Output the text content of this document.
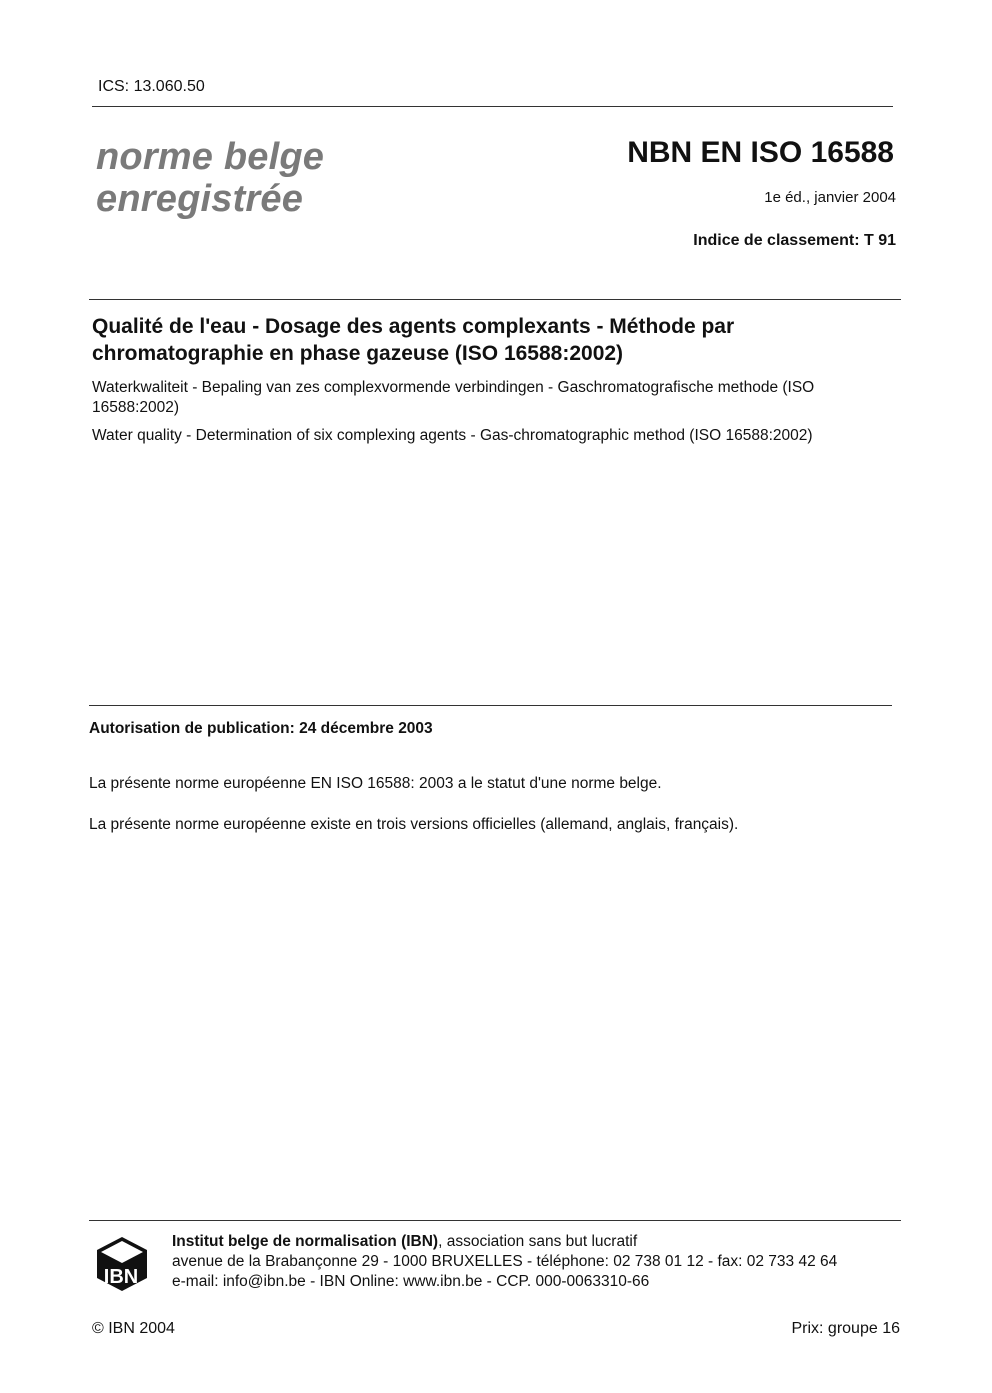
ICS: 13.060.50
norme belge
enregistrée
NBN EN ISO 16588
1e éd., janvier 2004
Indice de classement: T 91
Qualité de l'eau - Dosage des agents complexants - Méthode par
chromatographie en phase gazeuse (ISO 16588:2002)
Waterkwaliteit - Bepaling van zes complexvormende verbindingen - Gaschromatografische methode (ISO
16588:2002)
Water quality - Determination of six complexing agents - Gas-chromatographic method (ISO 16588:2002)
Autorisation de publication: 24 décembre 2003
La présente norme européenne EN ISO 16588: 2003 a le statut d'une norme belge.
La présente norme européenne existe en trois versions officielles (allemand, anglais, français).
IBN
Institut belge de normalisation (IBN), association sans but lucratif
avenue de la Brabançonne 29 - 1000 BRUXELLES - téléphone: 02 738 01 12 - fax: 02 733 42 64
e-mail: info@ibn.be - IBN Online: www.ibn.be - CCP. 000-0063310-66
© IBN 2004	Prix: groupe 16
